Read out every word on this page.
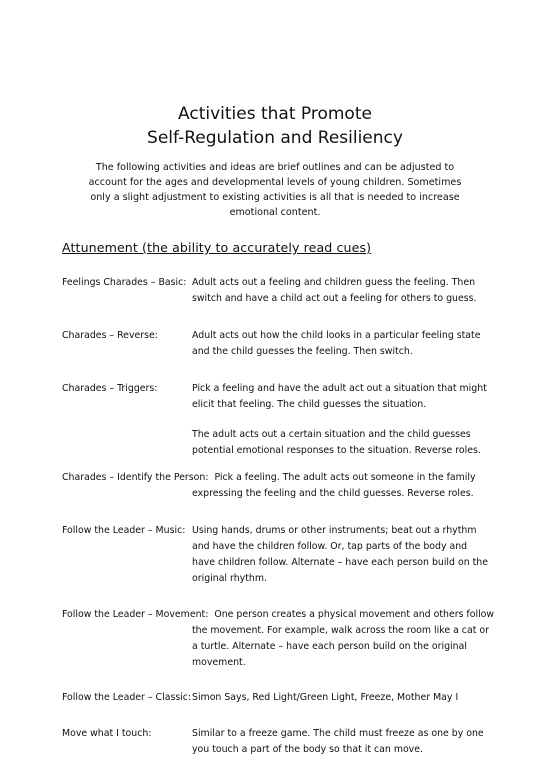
Activities that Promote
Self-Regulation and Resiliency
The following activities and ideas are brief outlines and can be adjusted to account for the ages and developmental levels of young children. Sometimes only a slight adjustment to existing activities is all that is needed to increase emotional content.
Attunement (the ability to accurately read cues)
Feelings Charades – Basic: Adult acts out a feeling and children guess the feeling. Then switch and have a child act out a feeling for others to guess.
Charades – Reverse:	Adult acts out how the child looks in a particular feeling state and the child guesses the feeling. Then switch.
Charades – Triggers:	Pick a feeling and have the adult act out a situation that might elicit that feeling. The child guesses the situation.
The adult acts out a certain situation and the child guesses potential emotional responses to the situation. Reverse roles.
Charades – Identify the Person: Pick a feeling. The adult acts out someone in the family
expressing the feeling and the child guesses. Reverse roles.
Follow the Leader – Music: Using hands, drums or other instruments; beat out a rhythm and have the children follow. Or, tap parts of the body and have children follow. Alternate – have each person build on the original rhythm.
Follow the Leader – Movement: One person creates a physical movement and others follow
the movement. For example, walk across the room like a cat or a turtle. Alternate – have each person build on the original movement.
Follow the Leader – Classic: Simon Says, Red Light/Green Light, Freeze, Mother May I
Move what I touch:	Similar to a freeze game. The child must freeze as one by one you touch a part of the body so that it can move.
